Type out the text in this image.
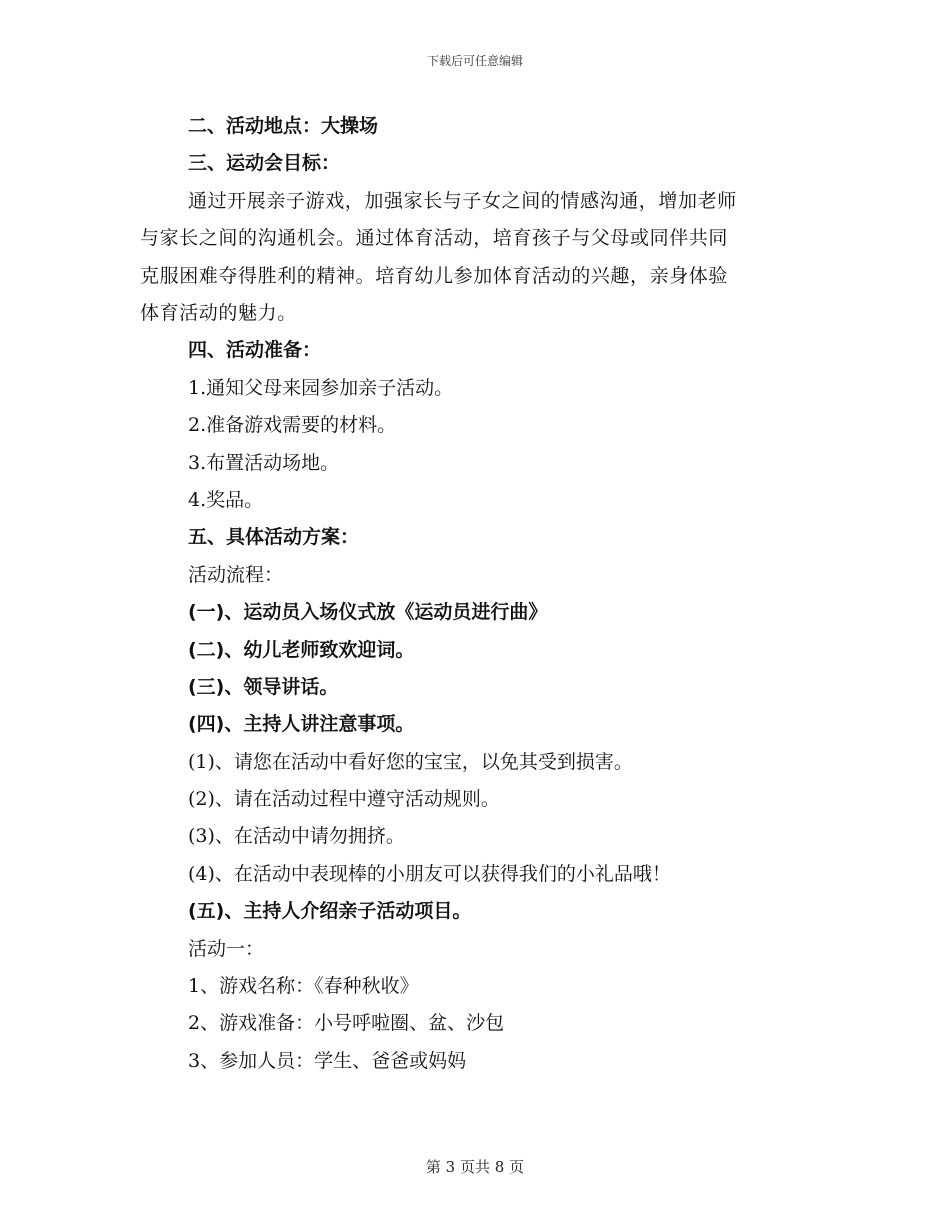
下载后可任意编辑
二、活动地点：大操场
三、运动会目标：
通过开展亲子游戏，加强家长与子女之间的情感沟通，增加老师
与家长之间的沟通机会。通过体育活动，培育孩子与父母或同伴共同
克服困难夺得胜利的精神。培育幼儿参加体育活动的兴趣，亲身体验
体育活动的魅力。
四、活动准备：
1.通知父母来园参加亲子活动。
2.准备游戏需要的材料。
3.布置活动场地。
4.奖品。
五、具体活动方案：
活动流程：
(一)、运动员入场仪式放《运动员进行曲》
(二)、幼儿老师致欢迎词。
(三)、领导讲话。
(四)、主持人讲注意事项。
(1)、请您在活动中看好您的宝宝，以免其受到损害。
(2)、请在活动过程中遵守活动规则。
(3)、在活动中请勿拥挤。
(4)、在活动中表现棒的小朋友可以获得我们的小礼品哦！
(五)、主持人介绍亲子活动项目。
活动一：
1、游戏名称：《春种秋收》
2、游戏准备：小号呼啦圈、盆、沙包
3、参加人员：学生、爸爸或妈妈
第 3 页共 8 页
